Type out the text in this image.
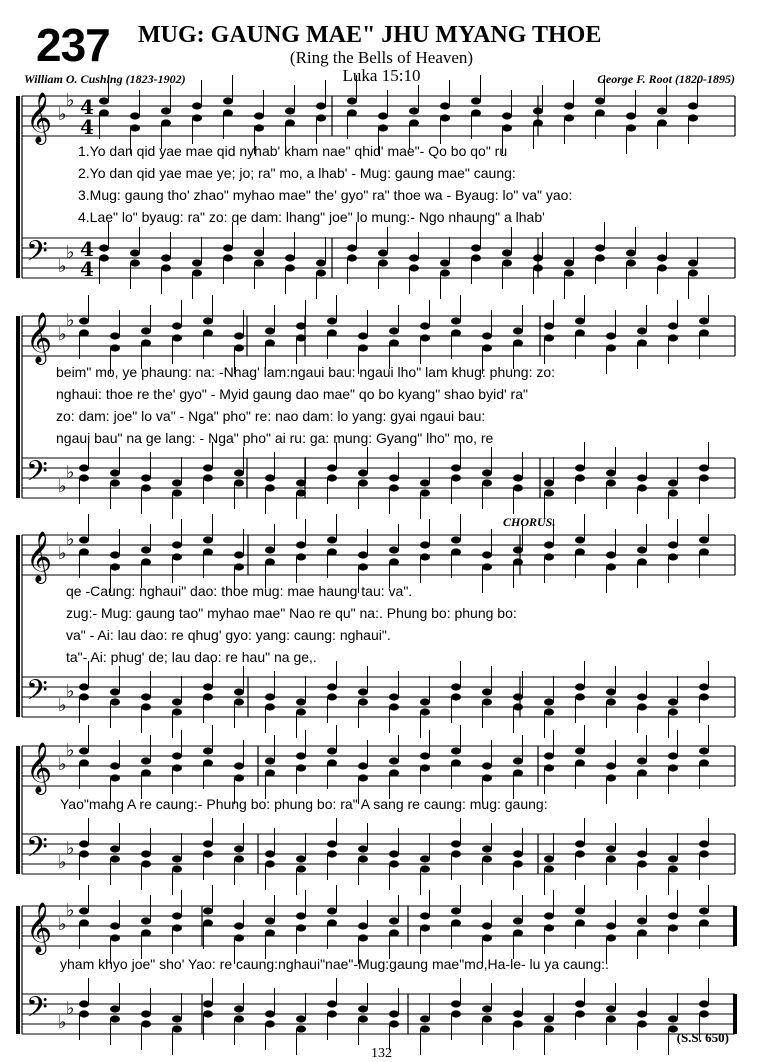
𝄞
𝄢
♭
♭
♭
♭
4
4
4
4
𝄞
𝄢
♭
♭
♭
♭
𝄞
𝄢
♭
♭
♭
♭
𝄞
𝄢
♭
♭
♭
♭
𝄞
𝄢
♭
♭
♭
♭
237 MUG: GAUNG MAE" JHU MYANG THOE
(Ring the Bells of Heaven)
Luka 15:10
William O. Cushing (1823-1902)	George F. Root (1820-1895)
CHORUS.
(S.S. 650)
132
1.Yo dan qid yae mae qid nyhab' kham nae" qhid' mae"- Qo bo qo" ru
2.Yo dan qid yae mae ye; jo; ra" mo, a lhab' - Mug: gaung mae" caung:
3.Mug: gaung tho' zhao" myhao mae" the' gyo" ra" thoe wa - Byaug: lo" va" yao:
4.Lae" lo" byaug: ra" zo: qe dam: lhang" joe" lo mung:- Ngo nhaung" a lhab'
beim" mo, ye phaung: na: -Nhag' lam:ngaui bau: ngaui lho" lam khug: phung: zo:
nghaui: thoe re the' gyo" - Myid gaung dao mae" qo bo kyang" shao byid' ra"
zo: dam: joe" lo va" - Nga" pho" re: nao dam: lo yang: gyai ngaui bau:
ngaui bau" na ge lang: - Nga" pho" ai ru: ga: mung: Gyang" lho" mo, re
qe -Caung: nghaui" dao: thoe mug: mae haung tau: va".
zug:- Mug: gaung tao" myhao mae" Nao re qu" na:. Phung bo: phung bo:
va" - Ai: lau dao: re qhug' gyo: yang: caung: nghaui".
ta"- Ai: phug' de; lau dao: re hau" na ge,.
Yao"mang A re caung:- Phung bo: phung bo: ra" A sang re caung: mug: gaung:
yham khyo joe" sho' Yao: re caung:nghaui"nae"-Mug:gaung mae"mo,Ha-le- lu ya caung:.
